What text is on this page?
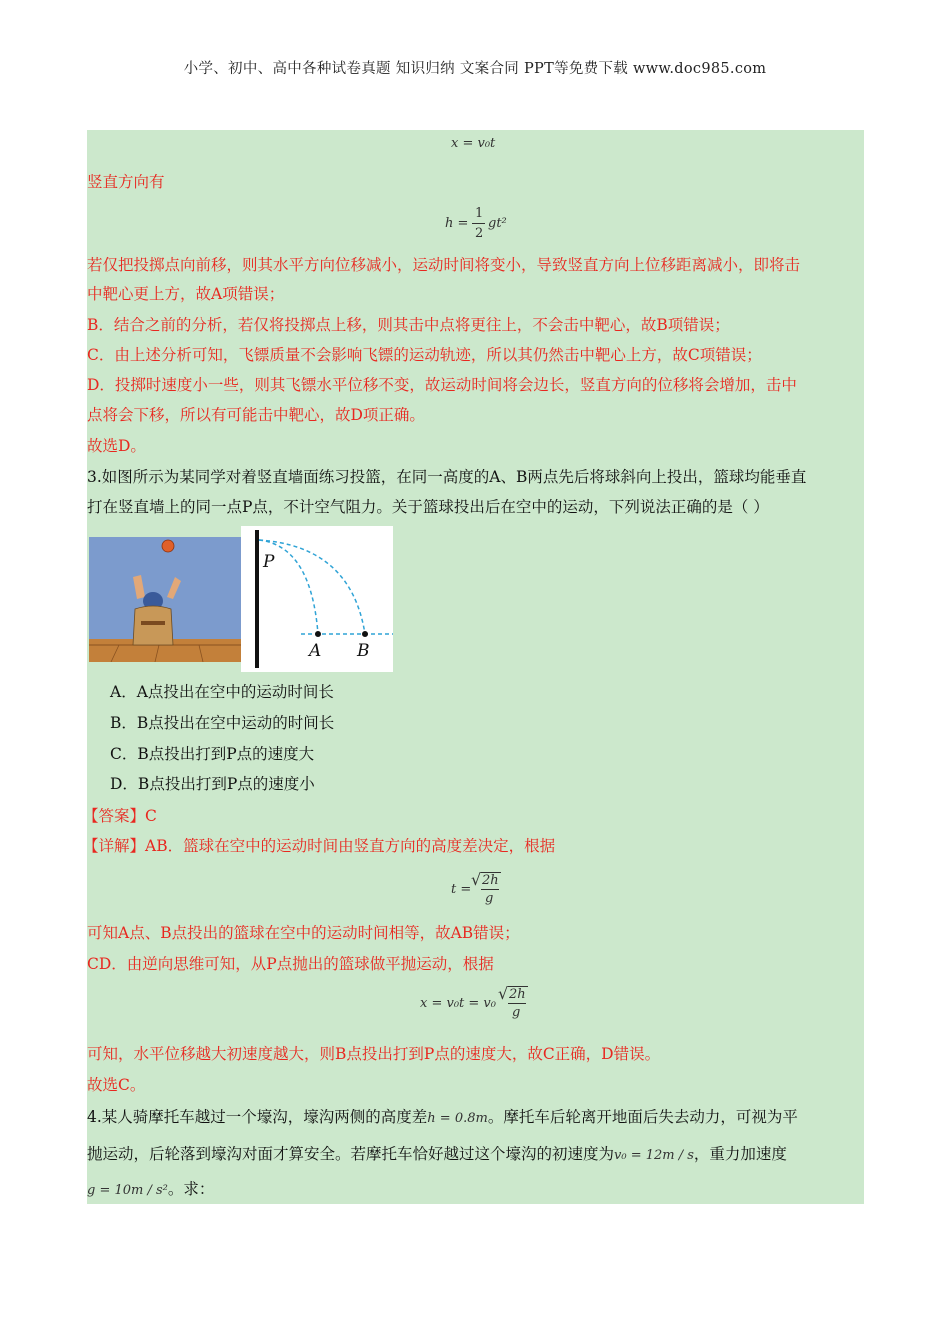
小学、初中、高中各种试卷真题 知识归纳 文案合同 PPT等免费下载 www.doc985.com
x = v₀t
竖直方向有
h =
1
2
gt²
若仅把投掷点向前移，则其水平方向位移减小，运动时间将变小，导致竖直方向上位移距离减小，即将击
中靶心更上方，故A项错误；
B．结合之前的分析，若仅将投掷点上移，则其击中点将更往上，不会击中靶心，故B项错误；
C．由上述分析可知，飞镖质量不会影响飞镖的运动轨迹，所以其仍然击中靶心上方，故C项错误；
D．投掷时速度小一些，则其飞镖水平位移不变，故运动时间将会边长，竖直方向的位移将会增加，击中
点将会下移，所以有可能击中靶心，故D项正确。
故选D。
3.如图所示为某同学对着竖直墙面练习投篮，在同一高度的A、B两点先后将球斜向上投出，篮球均能垂直
打在竖直墙上的同一点P点，不计空气阻力。关于篮球投出后在空中的运动，下列说法正确的是（ ）
P
A B
A．A点投出在空中的运动时间长
B．B点投出在空中运动的时间长
C．B点投出打到P点的速度大
D．B点投出打到P点的速度小
【答案】C
【详解】AB．篮球在空中的运动时间由竖直方向的高度差决定，根据
t =
√ 2h
g
可知A点、B点投出的篮球在空中的运动时间相等，故AB错误；
CD．由逆向思维可知，从P点抛出的篮球做平抛运动，根据
x = v₀t = v₀
√ 2h
g
可知，水平位移越大初速度越大，则B点投出打到P点的速度大，故C正确，D错误。
故选C。
4.某人骑摩托车越过一个壕沟，壕沟两侧的高度差h = 0.8m。摩托车后轮离开地面后失去动力，可视为平
抛运动，后轮落到壕沟对面才算安全。若摩托车恰好越过这个壕沟的初速度为v₀ = 12m / s，重力加速度
g = 10m / s²。求：
